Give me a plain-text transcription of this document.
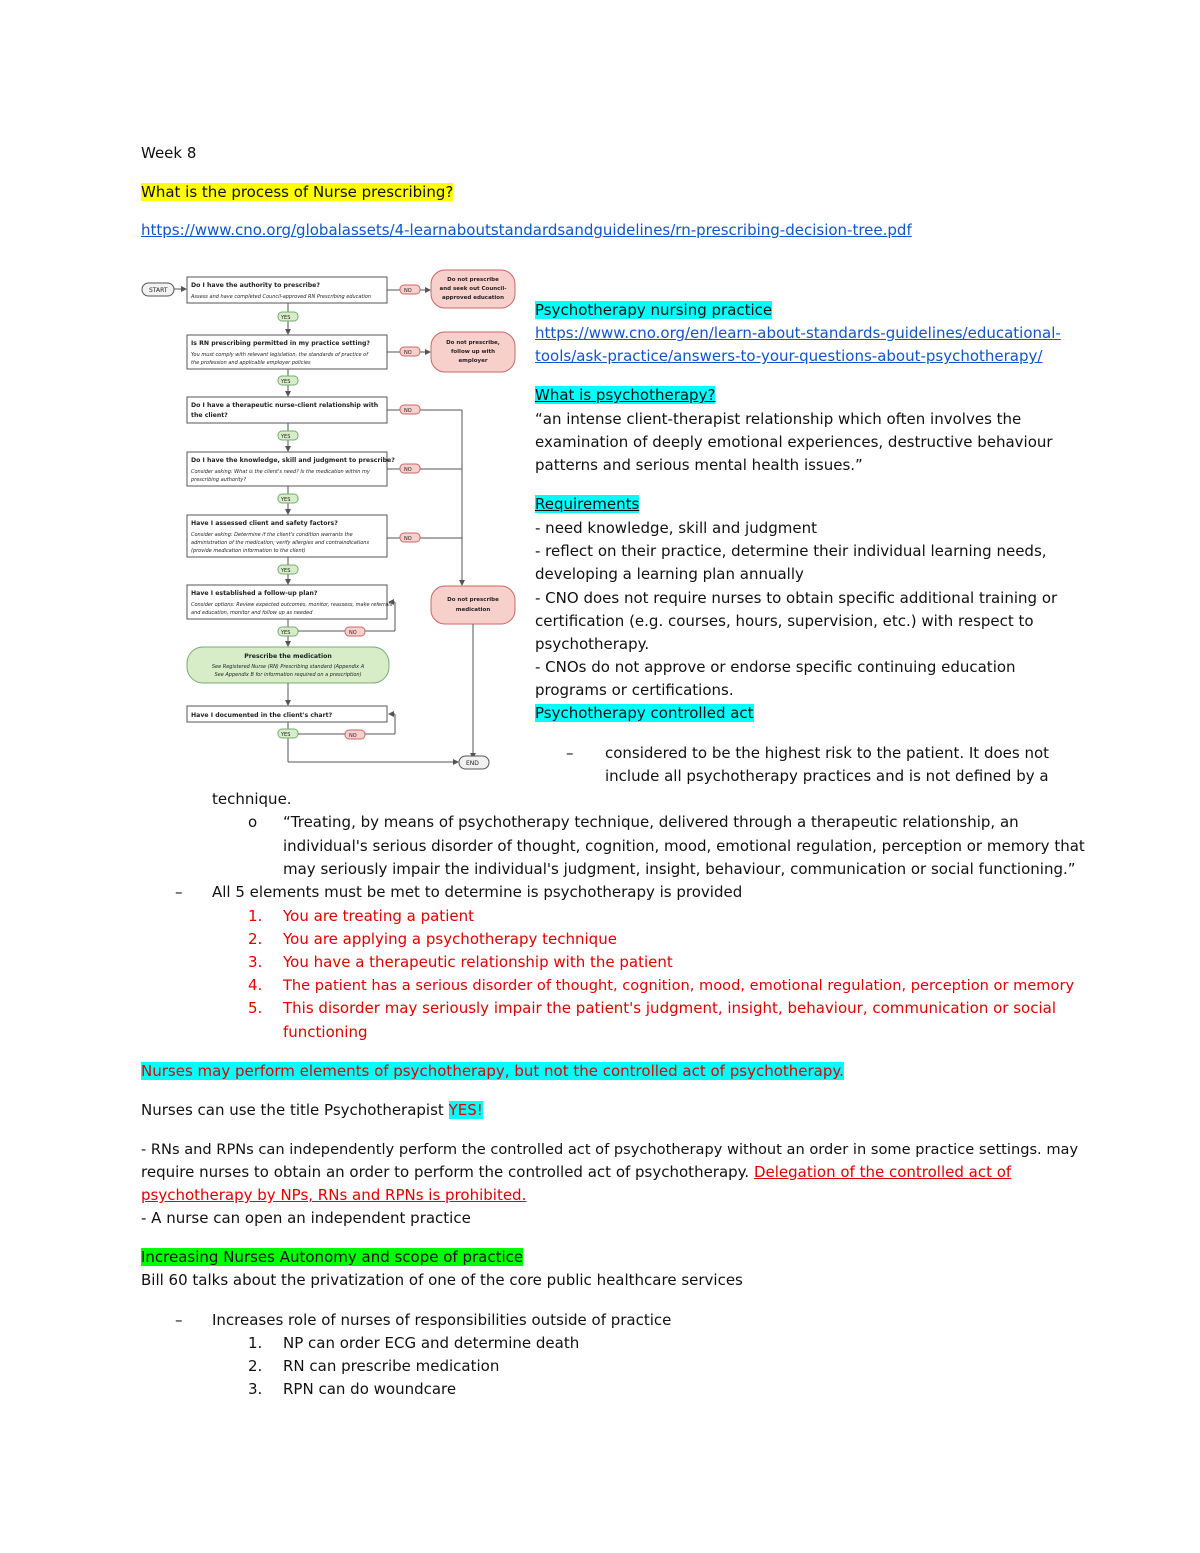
Week 8
What is the process of Nurse prescribing?
https://www.cno.org/globalassets/4-learnaboutstandardsandguidelines/rn-prescribing-decision-tree.pdf
START
Do I have the authority to prescribe?
Assess and have completed Council-approved RN Prescribing education
NO
Do not prescribe
and seek out Council-
approved education
YES
Is RN prescribing permitted in my practice setting?
You must comply with relevant legislation, the standards of practice of
the profession and applicable employer policies
NO
Do not prescribe,
follow up with
employer
YES
Do I have a therapeutic nurse-client relationship with
the client?
NO
YES
Do I have the knowledge, skill and judgment to prescribe?
Consider asking: What is the client's need? Is the medication within my
prescribing authority?
NO
YES
Have I assessed client and safety factors?
Consider asking: Determine if the client's condition warrants the
administration of the medication; verify allergies and contraindications
(provide medication information to the client)
NO
YES
Do not prescribe
medication
Have I established a follow-up plan?
Consider options: Review expected outcomes, monitor, reassess, make referrals
and education, monitor and follow up as needed
YES	NO
Prescribe the medication
See Registered Nurse (RN) Prescribing standard (Appendix A
See Appendix B for information required on a prescription)
Have I documented in the client's chart?
YES	NO
END
Psychotherapy nursing practice
https://www.cno.org/en/learn-about-standards-guidelines/educational-
tools/ask-practice/answers-to-your-questions-about-psychotherapy/
What is psychotherapy?
“an intense client-therapist relationship which often involves the
examination of deeply emotional experiences, destructive behaviour
patterns and serious mental health issues.”
Requirements
- need knowledge, skill and judgment
- reflect on their practice, determine their individual learning needs,
developing a learning plan annually
- CNO does not require nurses to obtain specific additional training or
certification (e.g. courses, hours, supervision, etc.) with respect to
psychotherapy.
- CNOs do not approve or endorse specific continuing education
programs or certifications.
Psychotherapy controlled act
– considered to be the highest risk to the patient. It does not
include all psychotherapy practices and is not defined by a
technique.
o “Treating, by means of psychotherapy technique, delivered through a therapeutic relationship, an
individual's serious disorder of thought, cognition, mood, emotional regulation, perception or memory that
may seriously impair the individual's judgment, insight, behaviour, communication or social functioning.”
– All 5 elements must be met to determine is psychotherapy is provided
1. You are treating a patient
2. You are applying a psychotherapy technique
3. You have a therapeutic relationship with the patient
4. The patient has a serious disorder of thought, cognition, mood, emotional regulation, perception or memory
5. This disorder may seriously impair the patient's judgment, insight, behaviour, communication or social
functioning
Nurses may perform elements of psychotherapy, but not the controlled act of psychotherapy.
Nurses can use the title Psychotherapist YES!
- RNs and RPNs can independently perform the controlled act of psychotherapy without an order in some practice settings. may
require nurses to obtain an order to perform the controlled act of psychotherapy. Delegation of the controlled act of
psychotherapy by NPs, RNs and RPNs is prohibited.
- A nurse can open an independent practice
Increasing Nurses Autonomy and scope of practice
Bill 60 talks about the privatization of one of the core public healthcare services
– Increases role of nurses of responsibilities outside of practice
1. NP can order ECG and determine death
2. RN can prescribe medication
3. RPN can do woundcare
